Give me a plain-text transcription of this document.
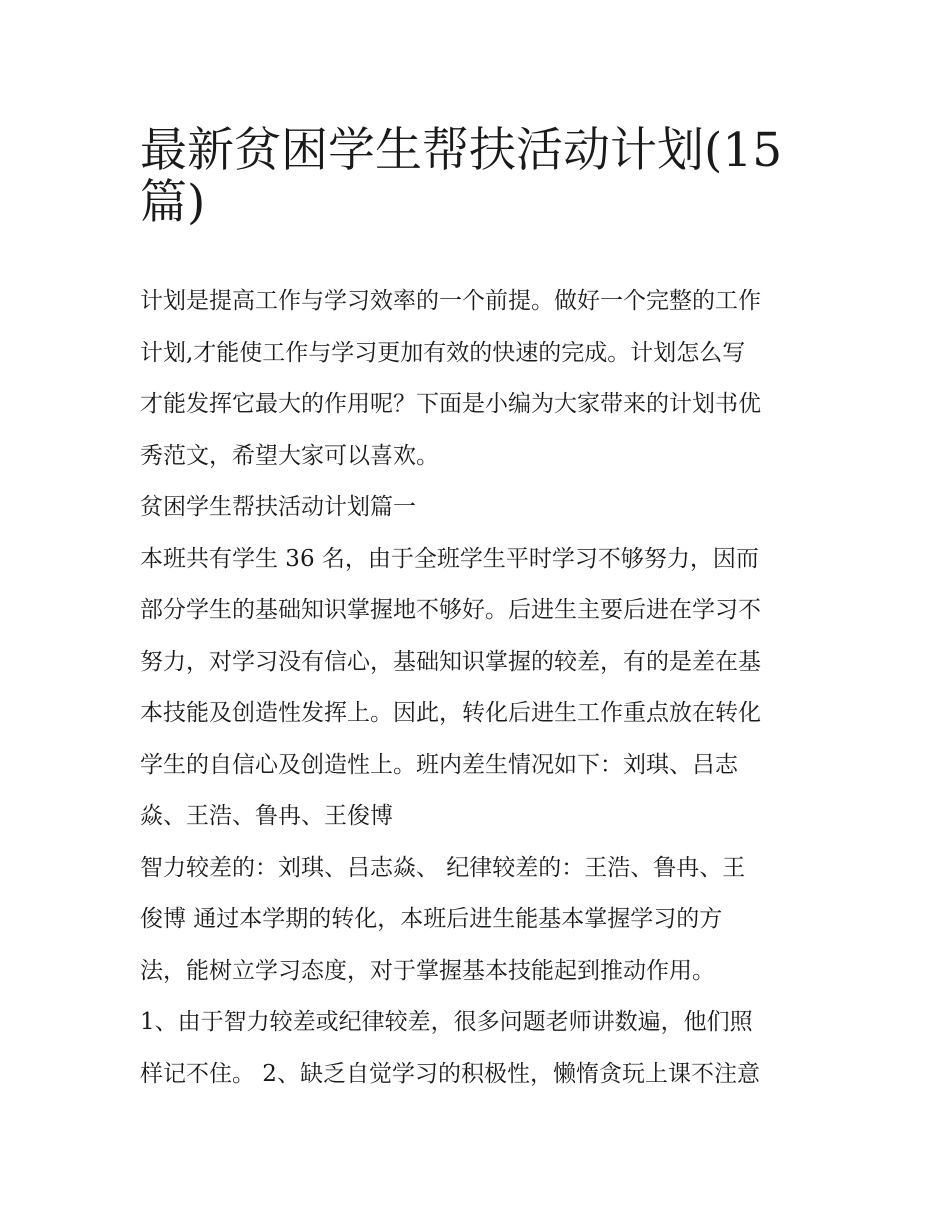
最新贫困学生帮扶活动计划(15
篇)
计划是提高工作与学习效率的一个前提。做好一个完整的工作
计划,才能使工作与学习更加有效的快速的完成。计划怎么写
才能发挥它最大的作用呢？下面是小编为大家带来的计划书优
秀范文，希望大家可以喜欢。
贫困学生帮扶活动计划篇一
本班共有学生 36 名，由于全班学生平时学习不够努力，因而
部分学生的基础知识掌握地不够好。后进生主要后进在学习不
努力，对学习没有信心，基础知识掌握的较差，有的是差在基
本技能及创造性发挥上。因此，转化后进生工作重点放在转化
学生的自信心及创造性上。班内差生情况如下：刘琪、吕志
焱、王浩、鲁冉、王俊博
智力较差的：刘琪、吕志焱、 纪律较差的：王浩、鲁冉、王
俊博 通过本学期的转化，本班后进生能基本掌握学习的方
法，能树立学习态度，对于掌握基本技能起到推动作用。
1、由于智力较差或纪律较差，很多问题老师讲数遍，他们照
样记不住。 2、缺乏自觉学习的积极性，懒惰贪玩上课不注意
